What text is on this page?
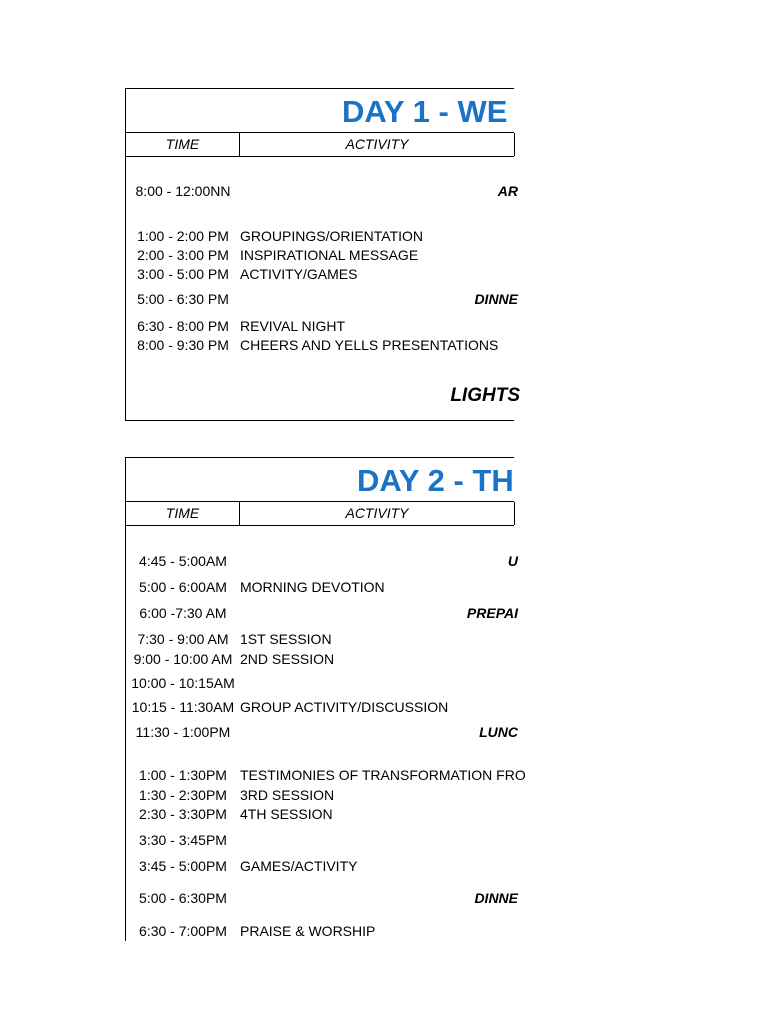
DAY 1 - WE
TIME	ACTIVITY
8:00 - 12:00NN	AR
1:00 - 2:00 PM GROUPINGS/ORIENTATION
2:00 - 3:00 PM INSPIRATIONAL MESSAGE
3:00 - 5:00 PM ACTIVITY/GAMES
5:00 - 6:30 PM	DINNE
6:30 - 8:00 PM REVIVAL NIGHT
8:00 - 9:30 PM CHEERS AND YELLS PRESENTATIONS
LIGHTS
DAY 2 - TH
TIME	ACTIVITY
4:45 - 5:00AM	U
5:00 - 6:00AM MORNING DEVOTION
6:00 -7:30 AM	PREPAI
7:30 - 9:00 AM 1ST SESSION
9:00 - 10:00 AM 2ND SESSION
10:00 - 10:15AM
10:15 - 11:30AM GROUP ACTIVITY/DISCUSSION
11:30 - 1:00PM	LUNC
1:00 - 1:30PM TESTIMONIES OF TRANSFORMATION FRO
1:30 - 2:30PM 3RD SESSION
2:30 - 3:30PM 4TH SESSION
3:30 - 3:45PM
3:45 - 5:00PM GAMES/ACTIVITY
5:00 - 6:30PM	DINNE
6:30 - 7:00PM PRAISE & WORSHIP
